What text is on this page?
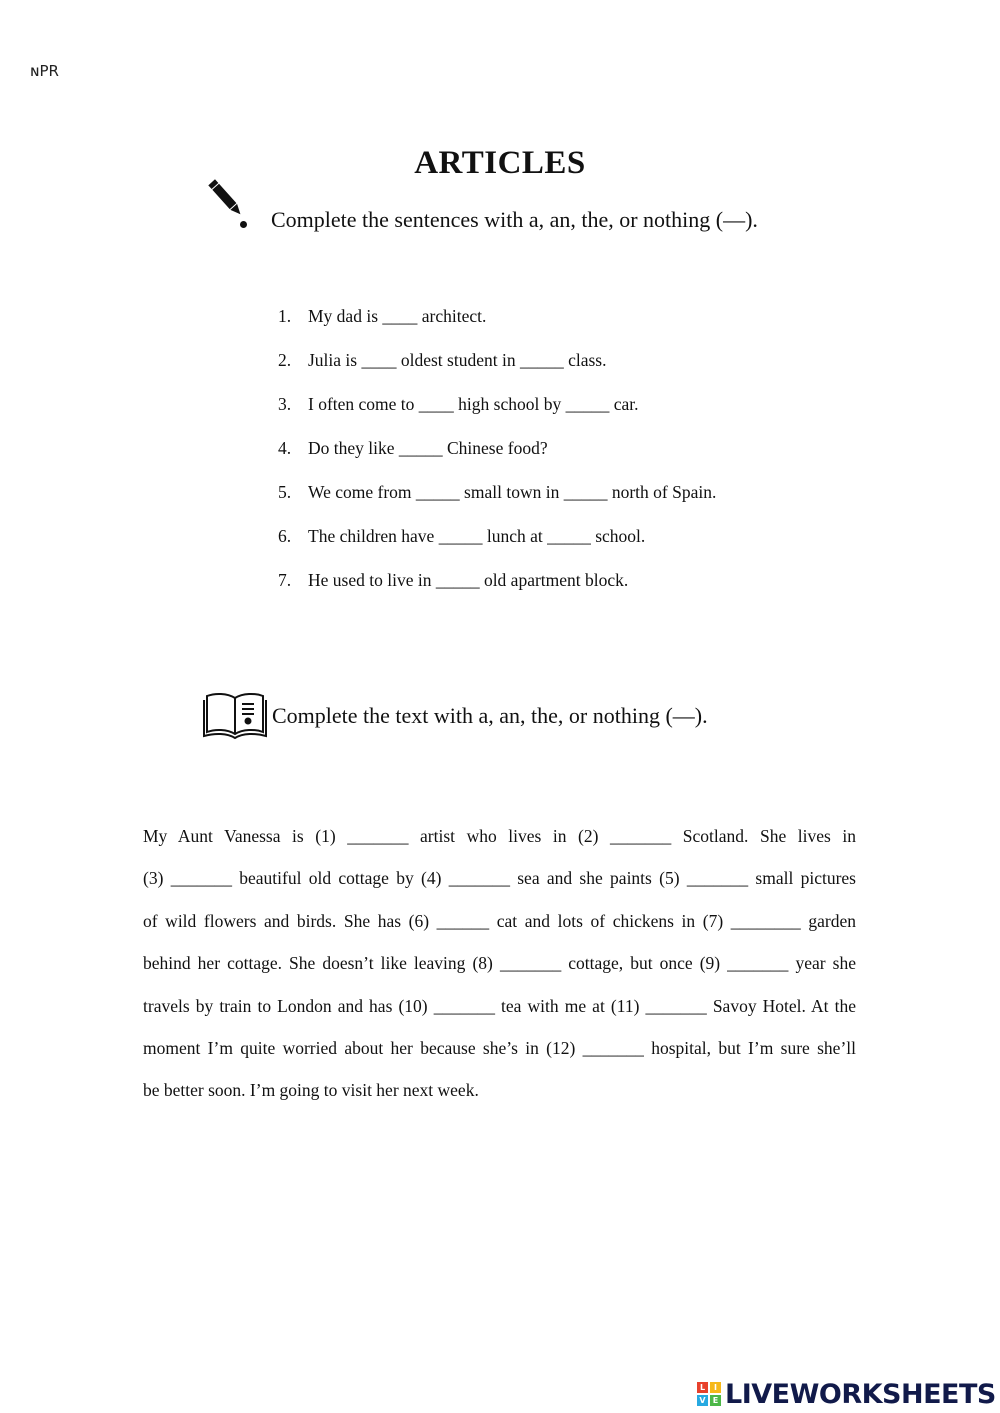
ɴPR
ARTICLES
Complete the sentences with a, an, the, or nothing (—).
1. My dad is ____ architect.
2. Julia is ____ oldest student in _____ class.
3. I often come to ____ high school by _____ car.
4. Do they like _____ Chinese food?
5. We come from _____ small town in _____ north of Spain.
6. The children have _____ lunch at _____ school.
7. He used to live in _____ old apartment block.
Complete the text with a, an, the, or nothing (—).
My Aunt Vanessa is (1) _______ artist who lives in (2) _______ Scotland. She lives in
(3) _______ beautiful old cottage by (4) _______ sea and she paints (5) _______ small pictures
of wild flowers and birds. She has (6) ______ cat and lots of chickens in (7) ________ garden
behind her cottage. She doesn’t like leaving (8) _______ cottage, but once (9) _______ year she
travels by train to London and has (10) _______ tea with me at (11) _______ Savoy Hotel. At the
moment I’m quite worried about her because she’s in (12) _______ hospital, but I’m sure she’ll
be better soon. I’m going to visit her next week.
L	I
V E LIVEWORKSHEETS
